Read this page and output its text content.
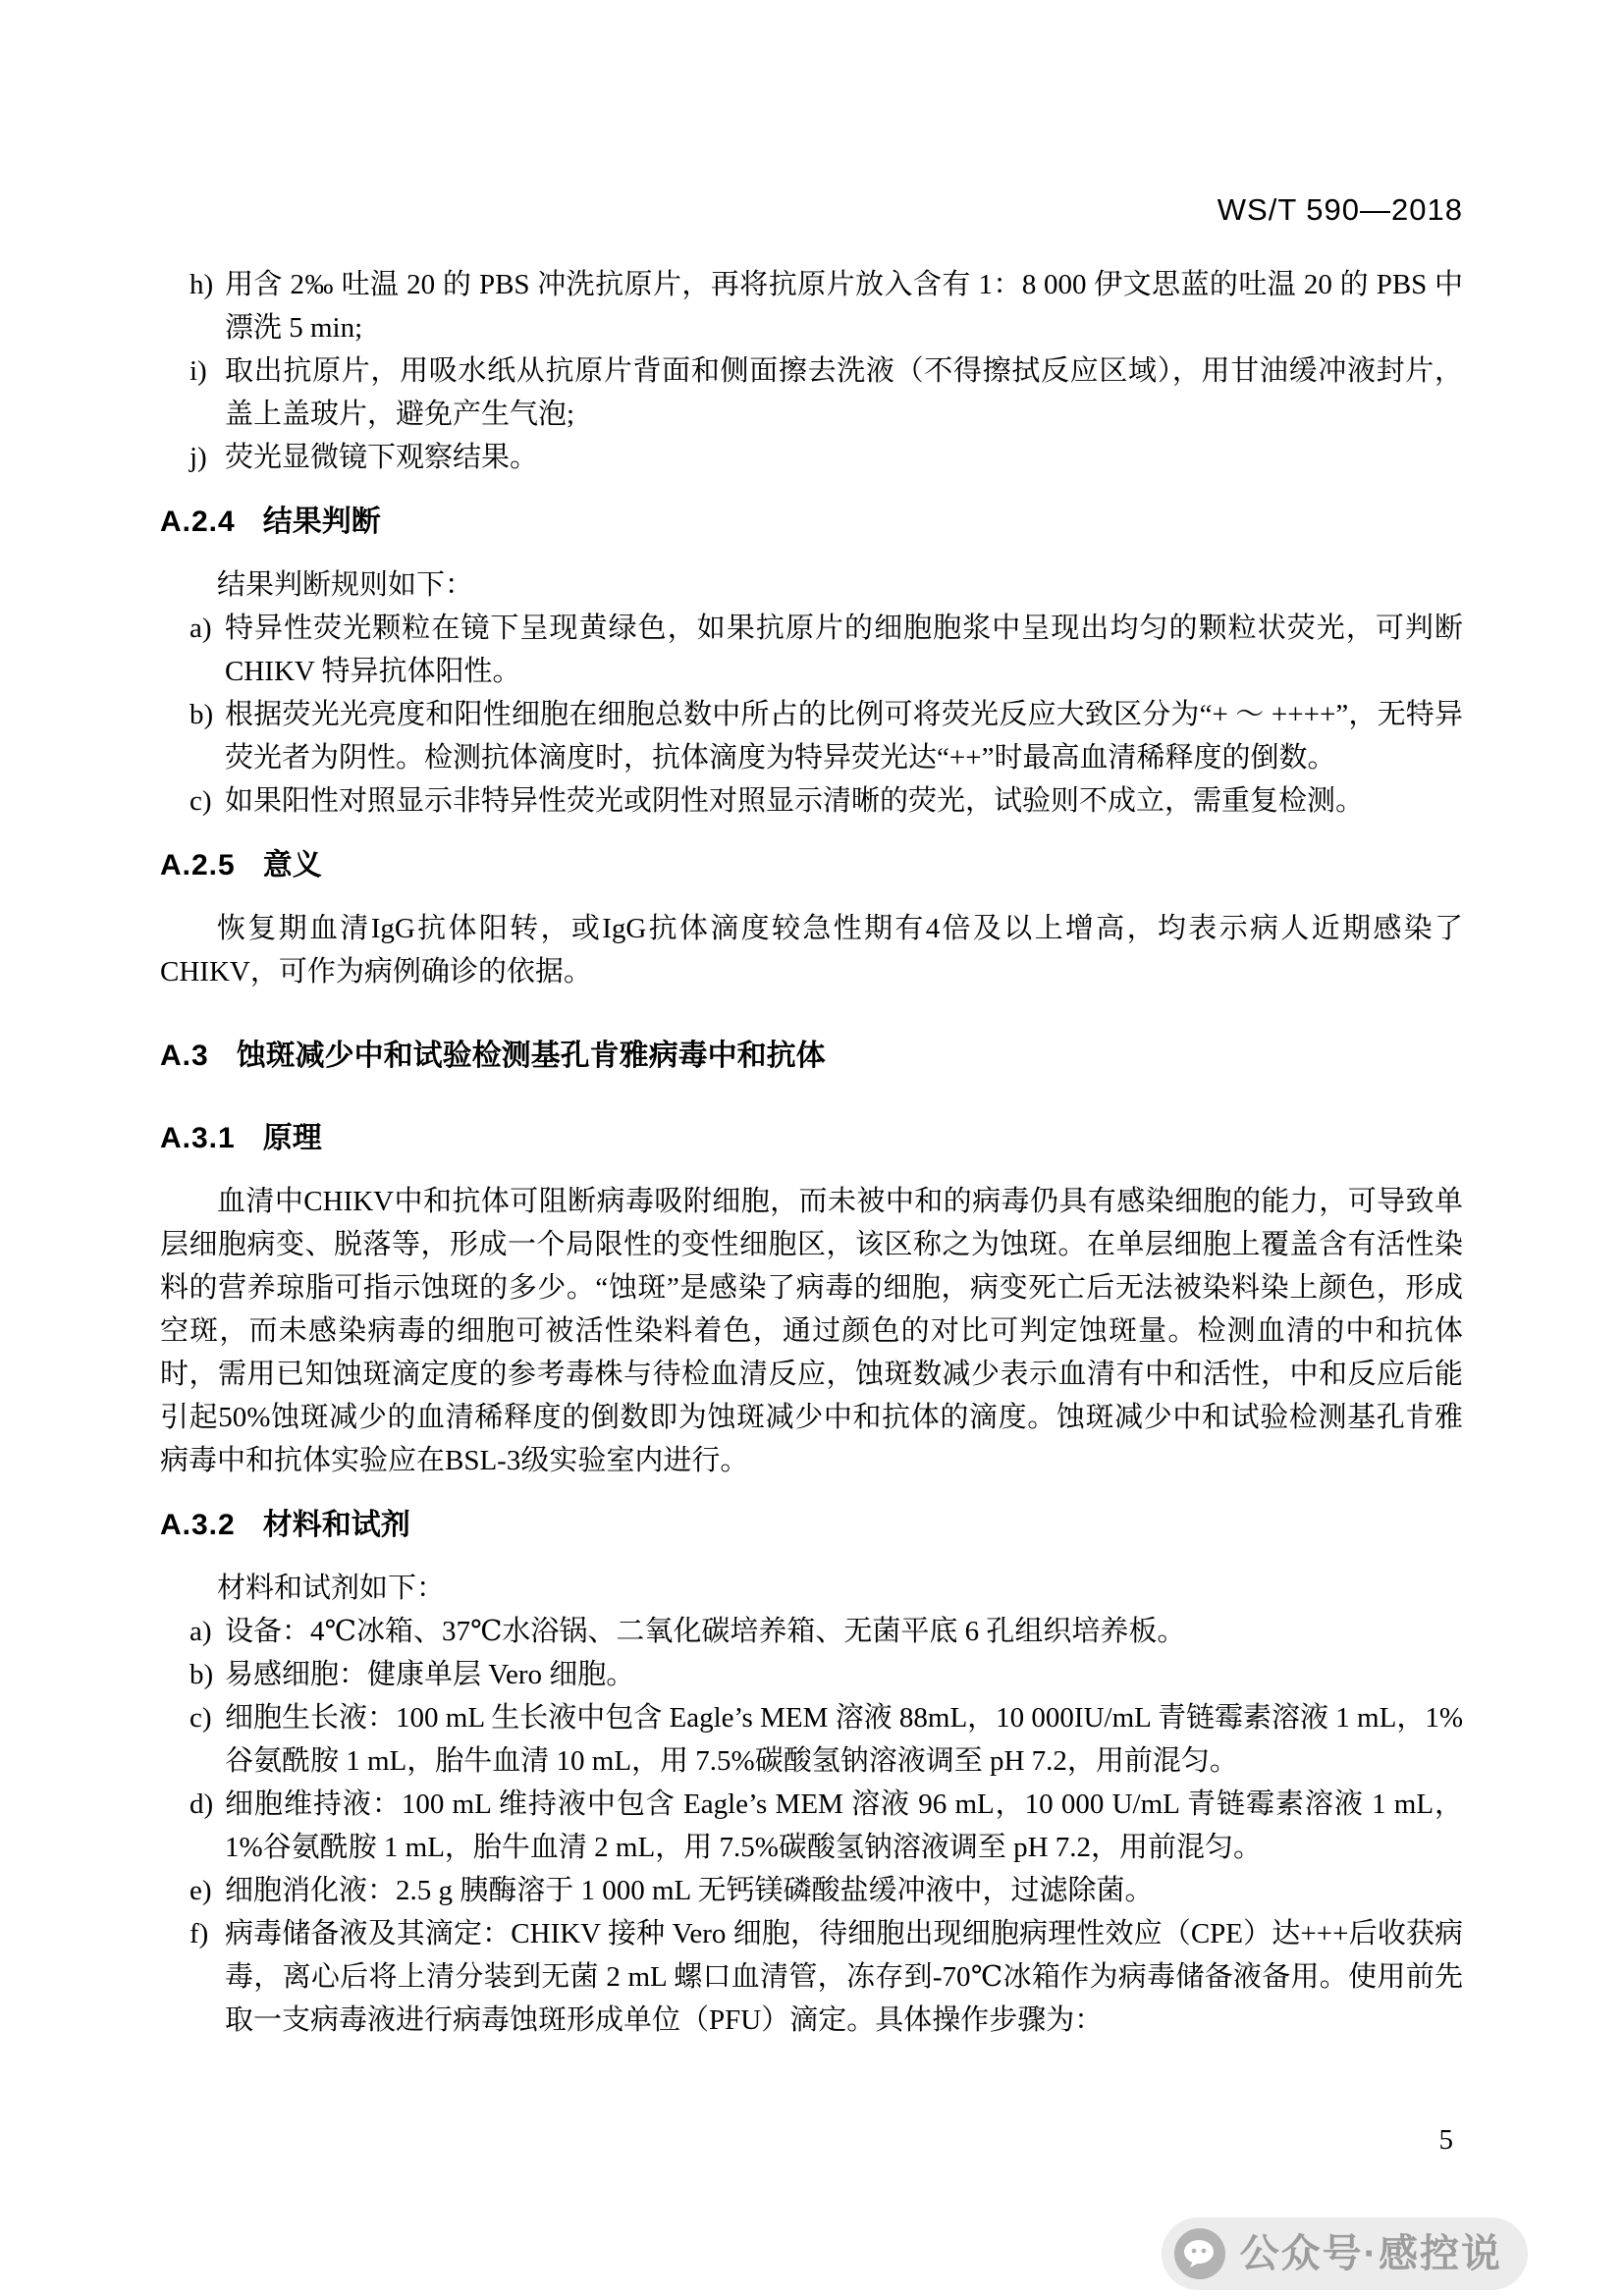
WS/T 590—2018
h) 用含 2‰ 吐温 20 的 PBS 冲洗抗原片，再将抗原片放入含有 1：8 000 伊文思蓝的吐温 20 的 PBS 中漂洗 5 min;
i) 取出抗原片，用吸水纸从抗原片背面和侧面擦去洗液（不得擦拭反应区域），用甘油缓冲液封片，盖上盖玻片，避免产生气泡;
j) 荧光显微镜下观察结果。
A.2.4 结果判断
结果判断规则如下：
a) 特异性荧光颗粒在镜下呈现黄绿色，如果抗原片的细胞胞浆中呈现出均匀的颗粒状荧光，可判断 CHIKV 特异抗体阳性。
b) 根据荧光光亮度和阳性细胞在细胞总数中所占的比例可将荧光反应大致区分为“+ ～ ++++”，无特异荧光者为阴性。检测抗体滴度时，抗体滴度为特异荧光达“++”时最高血清稀释度的倒数。
c) 如果阳性对照显示非特异性荧光或阴性对照显示清晰的荧光，试验则不成立，需重复检测。
A.2.5 意义
恢复期血清IgG抗体阳转，或IgG抗体滴度较急性期有4倍及以上增高，均表示病人近期感染了CHIKV，可作为病例确诊的依据。
A.3 蚀斑减少中和试验检测基孔肯雅病毒中和抗体
A.3.1 原理
血清中CHIKV中和抗体可阻断病毒吸附细胞，而未被中和的病毒仍具有感染细胞的能力，可导致单层细胞病变、脱落等，形成一个局限性的变性细胞区，该区称之为蚀斑。在单层细胞上覆盖含有活性染料的营养琼脂可指示蚀斑的多少。“蚀斑”是感染了病毒的细胞，病变死亡后无法被染料染上颜色，形成空斑，而未感染病毒的细胞可被活性染料着色，通过颜色的对比可判定蚀斑量。检测血清的中和抗体时，需用已知蚀斑滴定度的参考毒株与待检血清反应，蚀斑数减少表示血清有中和活性，中和反应后能引起50%蚀斑减少的血清稀释度的倒数即为蚀斑减少中和抗体的滴度。蚀斑减少中和试验检测基孔肯雅病毒中和抗体实验应在BSL-3级实验室内进行。
A.3.2 材料和试剂
材料和试剂如下：
a) 设备：4℃冰箱、37℃水浴锅、二氧化碳培养箱、无菌平底 6 孔组织培养板。
b) 易感细胞：健康单层 Vero 细胞。
c) 细胞生长液：100 mL 生长液中包含 Eagle’s MEM 溶液 88mL，10 000IU/mL 青链霉素溶液 1 mL，1%谷氨酰胺 1 mL，胎牛血清 10 mL，用 7.5%碳酸氢钠溶液调至 pH 7.2，用前混匀。
d) 细胞维持液：100 mL 维持液中包含 Eagle’s MEM 溶液 96 mL，10 000 U/mL 青链霉素溶液 1 mL，1%谷氨酰胺 1 mL，胎牛血清 2 mL，用 7.5%碳酸氢钠溶液调至 pH 7.2，用前混匀。
e) 细胞消化液：2.5 g 胰酶溶于 1 000 mL 无钙镁磷酸盐缓冲液中，过滤除菌。
f) 病毒储备液及其滴定：CHIKV 接种 Vero 细胞，待细胞出现细胞病理性效应（CPE）达+++后收获病毒，离心后将上清分装到无菌 2 mL 螺口血清管，冻存到-70℃冰箱作为病毒储备液备用。使用前先取一支病毒液进行病毒蚀斑形成单位（PFU）滴定。具体操作步骤为：
5
公众号·感控说
